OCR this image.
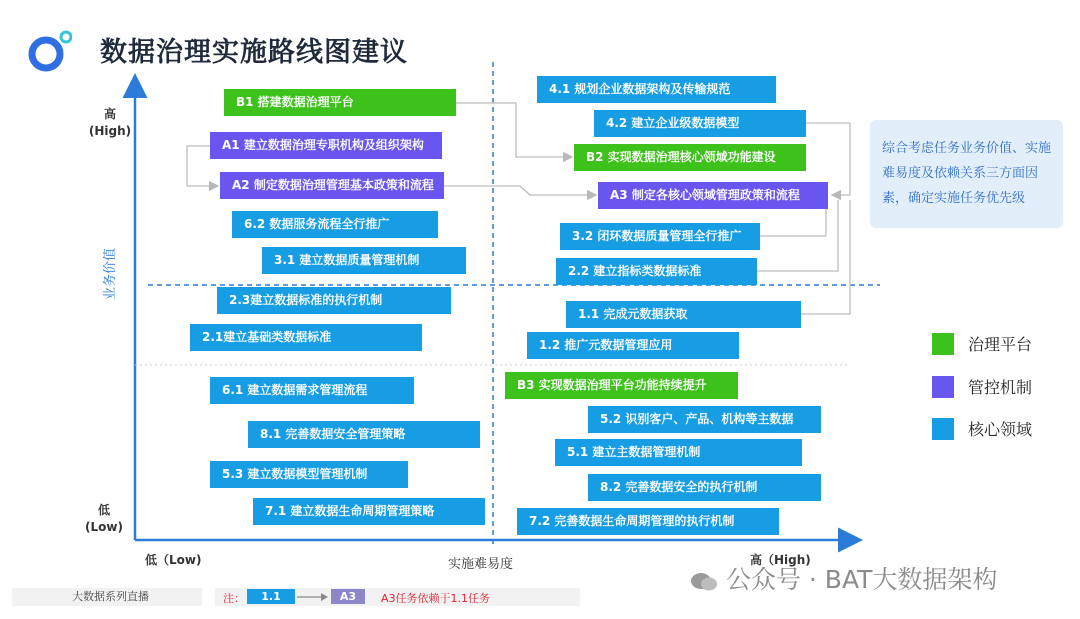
数据治理实施路线图建议
高
(High)
低
(Low)
业务价值
低（Low)	实施难易度	高（High)
B1 搭建数据治理平台
A1 建立数据治理专职机构及组织架构
A2 制定数据治理管理基本政策和流程
6.2 数据服务流程全行推广
3.1 建立数据质量管理机制
2.3建立数据标准的执行机制
2.1建立基础类数据标准
6.1 建立数据需求管理流程
8.1 完善数据安全管理策略
5.3 建立数据模型管理机制
7.1 建立数据生命周期管理策略
4.1 规划企业数据架构及传输规范
4.2 建立企业级数据模型
B2 实现数据治理核心领域功能建设
A3 制定各核心领域管理政策和流程
3.2 闭环数据质量管理全行推广
2.2 建立指标类数据标准
1.1 完成元数据获取
1.2 推广元数据管理应用
B3 实现数据治理平台功能持续提升
5.2 识别客户、产品、机构等主数据
5.1 建立主数据管理机制
8.2 完善数据安全的执行机制
7.2 完善数据生命周期管理的执行机制
综合考虑任务业务价值、实施难易度及依赖关系三方面因素，确定实施任务优先级
治理平台
管控机制
核心领域
大数据系列直播	注：	1.1	A3	A3任务依赖于1.1任务
公众号 · BAT大数据架构
